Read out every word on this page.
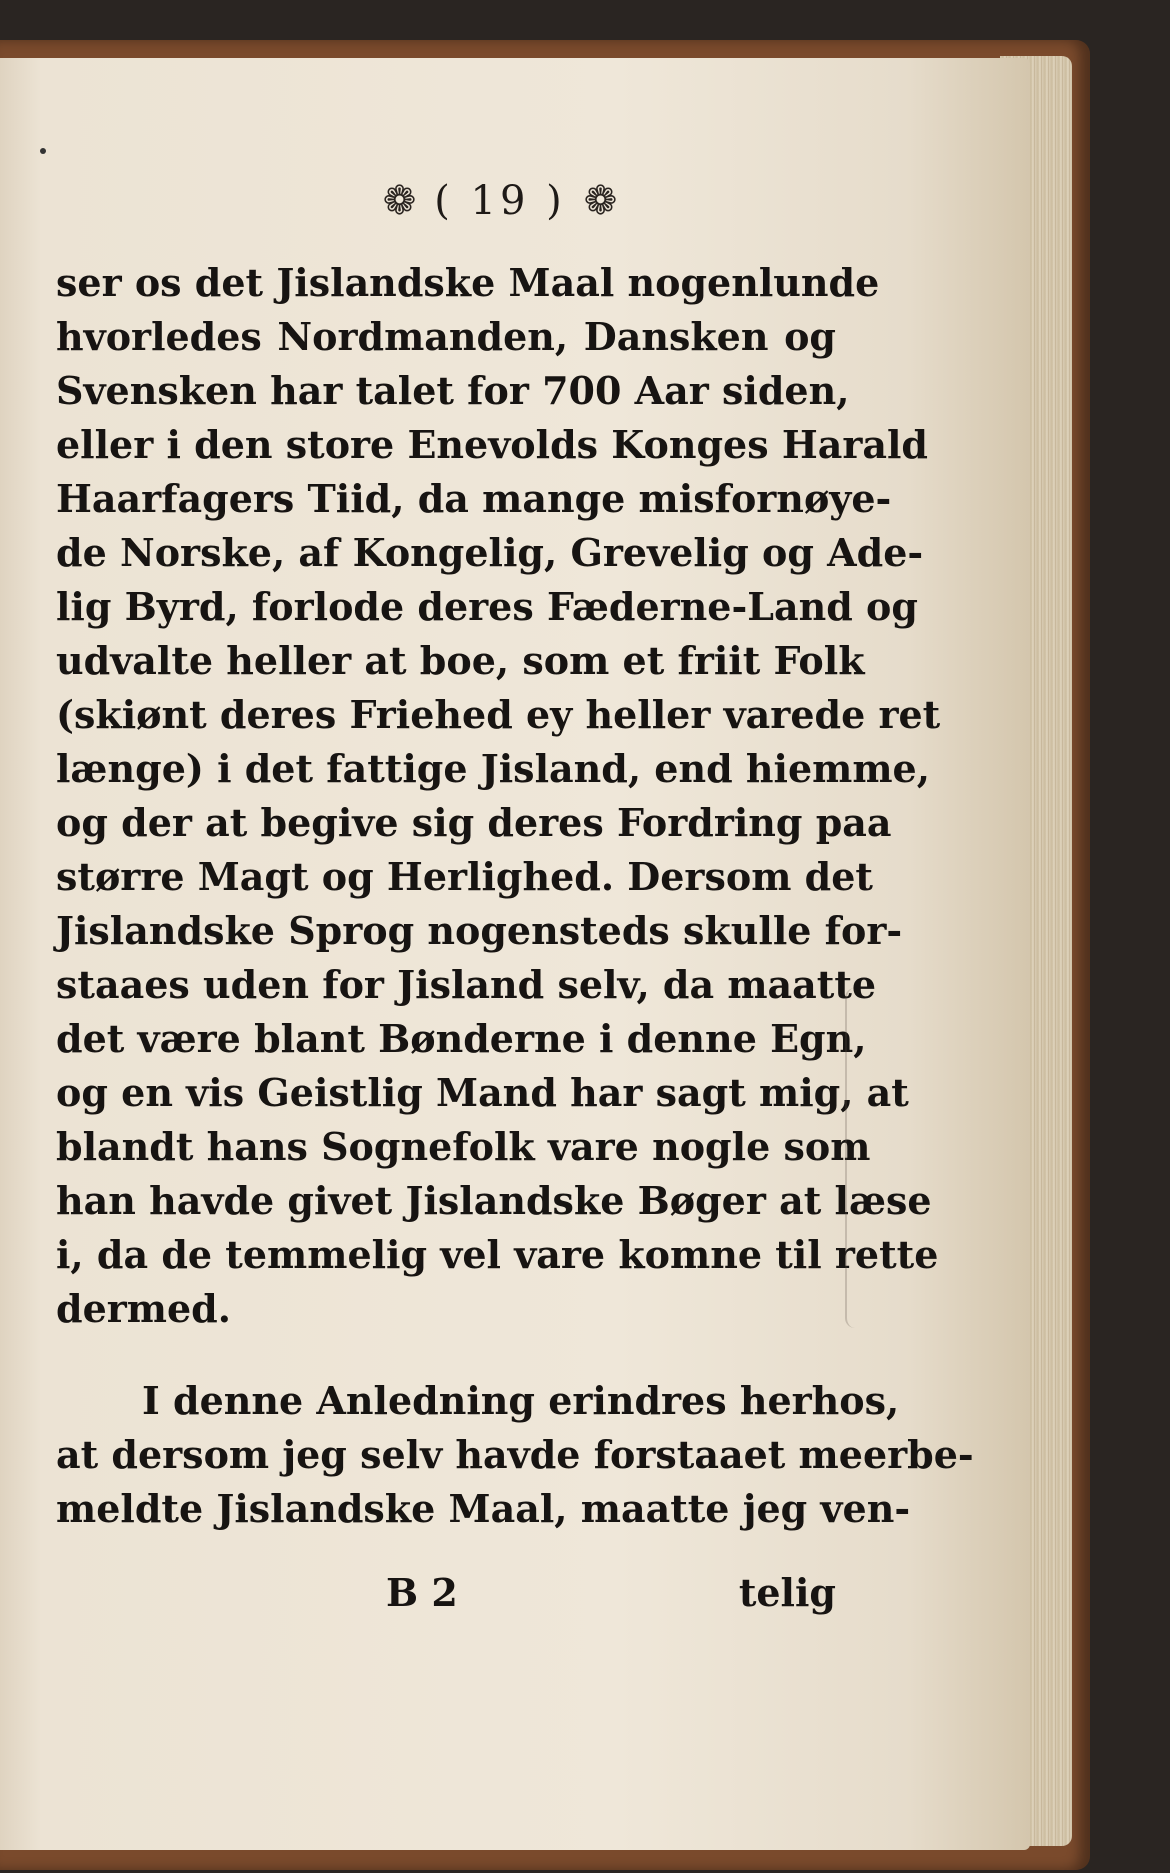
❁ ( 19 ) ❁
ser os det Jislandske Maal nogenlunde
hvorledes Nordmanden, Dansken og
Svensken har talet for 700 Aar siden,
eller i den store Enevolds Konges Harald
Haarfagers Tiid, da mange misfornøye-
de Norske, af Kongelig, Grevelig og Ade-
lig Byrd, forlode deres Fæderne-Land og
udvalte heller at boe, som et friit Folk
(skiønt deres Friehed ey heller varede ret
længe) i det fattige Jisland, end hiemme,
og der at begive sig deres Fordring paa
større Magt og Herlighed. Dersom det
Jislandske Sprog nogensteds skulle for-
staaes uden for Jisland selv, da maatte
det være blant Bønderne i denne Egn,
og en vis Geistlig Mand har sagt mig, at
blandt hans Sognefolk vare nogle som
han havde givet Jislandske Bøger at læse
i, da de temmelig vel vare komne til rette
dermed.
I denne Anledning erindres herhos,
at dersom jeg selv havde forstaaet meerbe-
meldte Jislandske Maal, maatte jeg ven-
B 2	telig
